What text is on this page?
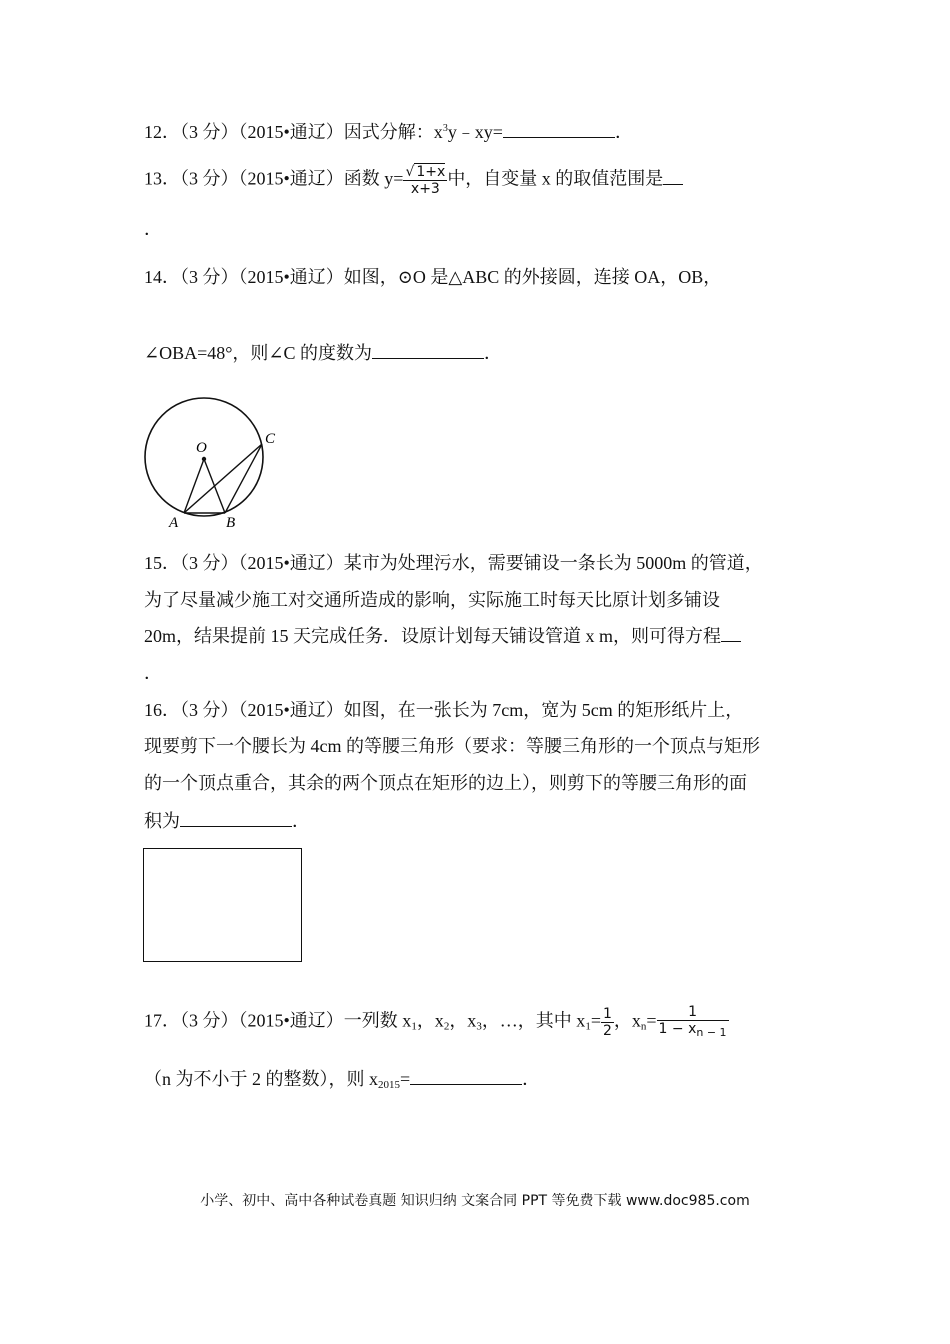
12．（3 分）（2015•通辽）因式分解：$x^3y﹣xy=$	．
13．（3 分）（2015•通辽）函数 $y= \frac{√ 1+x}{x+3}$ 中，自变量 x 的取值范围是
．
14．（3 分）（2015•通辽）如图，⊙O 是△ABC 的外接圆，连接 OA，OB，
∠OBA=48°，则∠C 的度数为	．
O
A	B
C
15．（3 分）（2015•通辽）某市为处理污水，需要铺设一条长为 5000m 的管道，
为了尽量减少施工对交通所造成的影响，实际施工时每天比原计划多铺设
20m，结果提前 15 天完成任务．设原计划每天铺设管道 x m，则可得方程
．
16．（3 分）（2015•通辽）如图，在一张长为 7cm，宽为 5cm 的矩形纸片上，
现要剪下一个腰长为 4cm 的等腰三角形（要求：等腰三角形的一个顶点与矩形
的一个顶点重合，其余的两个顶点在矩形的边上），则剪下的等腰三角形的面
积为	．
17．（3 分）（2015•通辽）一列数 $x_1$，$x_2$，$x_3$，…，其中 $x_1= \frac{1}{2}$ ，$x_n= \frac{1}{1 - x_{n - 1}}$
（n 为不小于 2 的整数），则 $x_{2015}=$	．
小学、初中、高中各种试卷真题 知识归纳 文案合同 PPT 等免费下载 www.doc985.com
